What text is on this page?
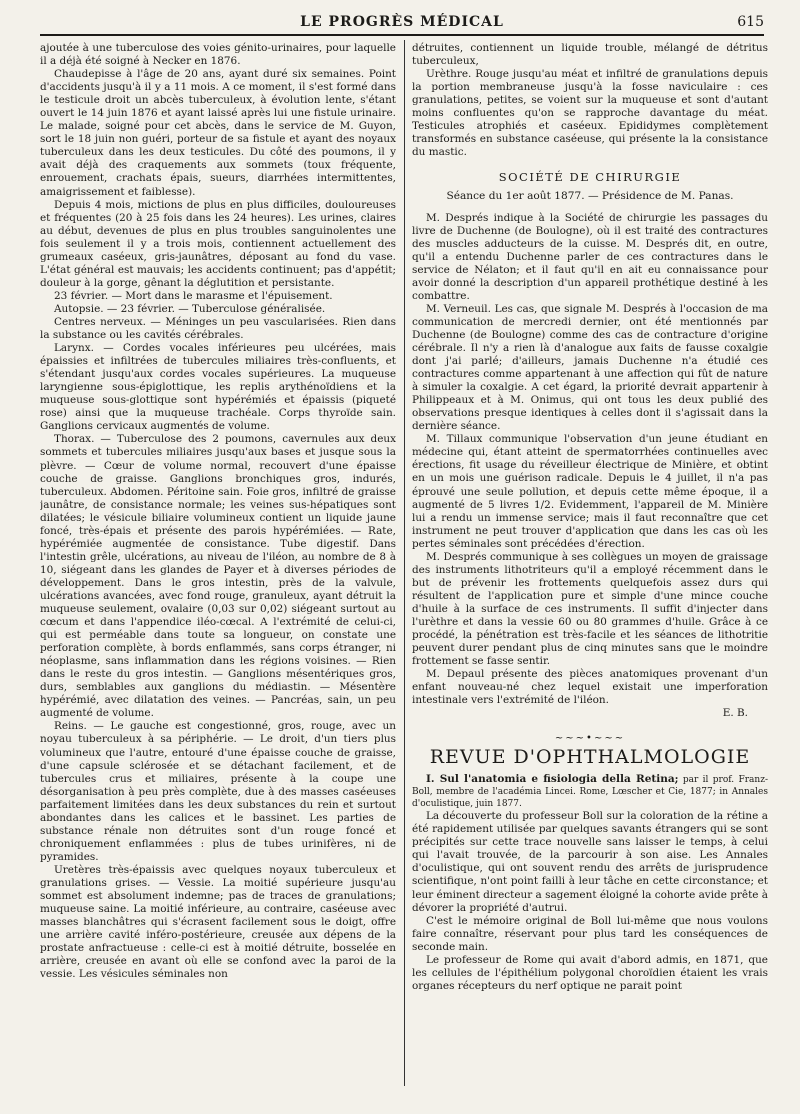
LE PROGRÈS MÉDICAL	615

ajoutée à une tuberculose des voies génito-urinaires, pour laquelle il a déjà été soigné à Necker en 1876.

Chaudepisse à l'âge de 20 ans, ayant duré six semaines. Point d'accidents jusqu'à il y a 11 mois. A ce moment, il s'est formé dans le testicule droit un abcès tuberculeux, à évolution lente, s'étant ouvert le 14 juin 1876 et ayant laissé après lui une fistule urinaire. Le malade, soigné pour cet abcès, dans le service de M. Guyon, sort le 18 juin non guéri, porteur de sa fistule et ayant des noyaux tuberculeux dans les deux testicules. Du côté des poumons, il y avait déjà des craquements aux sommets (toux fréquente, enrouement, crachats épais, sueurs, diarrhées intermittentes, amaigrissement et faiblesse).

Depuis 4 mois, mictions de plus en plus difficiles, douloureuses et fréquentes (20 à 25 fois dans les 24 heures). Les urines, claires au début, devenues de plus en plus troubles sanguinolentes une fois seulement il y a trois mois, contiennent actuellement des grumeaux caséeux, gris-jaunâtres, déposant au fond du vase. L'état général est mauvais; les accidents continuent; pas d'appétit; douleur à la gorge, gênant la déglutition et persistante.

23 février. — Mort dans le marasme et l'épuisement.

Autopsie. — 23 février. — Tuberculose généralisée.

Centres nerveux. — Méninges un peu vascularisées. Rien dans la substance ou les cavités cérébrales.

Larynx. — Cordes vocales inférieures peu ulcérées, mais épaissies et infiltrées de tubercules miliaires très-confluents, et s'étendant jusqu'aux cordes vocales supérieures. La muqueuse laryngienne sous-épiglottique, les replis arythénoïdiens et la muqueuse sous-glottique sont hypérémiés et épaissis (piqueté rose) ainsi que la muqueuse trachéale. Corps thyroïde sain. Ganglions cervicaux augmentés de volume.

Thorax. — Tuberculose des 2 poumons, cavernules aux deux sommets et tubercules miliaires jusqu'aux bases et jusque sous la plèvre. — Cœur de volume normal, recouvert d'une épaisse couche de graisse. Ganglions bronchiques gros, indurés, tuberculeux. Abdomen. Péritoine sain. Foie gros, infiltré de graisse jaunâtre, de consistance normale; les veines sus-hépatiques sont dilatées; le vésicule biliaire volumineux contient un liquide jaune foncé, très-épais et présente des parois hypérémiées. — Rate, hypérémiée augmentée de consistance. Tube digestif. Dans l'intestin grêle, ulcérations, au niveau de l'iléon, au nombre de 8 à 10, siégeant dans les glandes de Payer et à diverses périodes de développement. Dans le gros intestin, près de la valvule, ulcérations avancées, avec fond rouge, granuleux, ayant détruit la muqueuse seulement, ovalaire (0,03 sur 0,02) siégeant surtout au cœcum et dans l'appendice iléo-cœcal. A l'extrémité de celui-ci, qui est perméable dans toute sa longueur, on constate une perforation complète, à bords enflammés, sans corps étranger, ni néoplasme, sans inflammation dans les régions voisines. — Rien dans le reste du gros intestin. — Ganglions mésentériques gros, durs, semblables aux ganglions du médiastin. — Mésentère hypérémié, avec dilatation des veines. — Pancréas, sain, un peu augmenté de volume.

Reins. — Le gauche est congestionné, gros, rouge, avec un noyau tuberculeux à sa périphérie. — Le droit, d'un tiers plus volumineux que l'autre, entouré d'une épaisse couche de graisse, d'une capsule sclérosée et se détachant facilement, et de tubercules crus et miliaires, présente à la coupe une désorganisation à peu près complète, due à des masses caséeuses parfaitement limitées dans les deux substances du rein et surtout abondantes dans les calices et le bassinet. Les parties de substance rénale non détruites sont d'un rouge foncé et chroniquement enflammées : plus de tubes urinifères, ni de pyramides.

Uretères très-épaissis avec quelques noyaux tuberculeux et granulations grises. — Vessie. La moitié supérieure jusqu'au sommet est absolument indemne; pas de traces de granulations; muqueuse saine. La moitié inférieure, au contraire, caséeuse avec masses blanchâtres qui s'écrasent facilement sous le doigt, offre une arrière cavité inféro-postérieure, creusée aux dépens de la prostate anfractueuse : celle-ci est à moitié détruite, bosselée en arrière, creusée en avant où elle se confond avec la paroi de la vessie. Les vésicules séminales non

détruites, contiennent un liquide trouble, mélangé de détritus tuberculeux,

Urèthre. Rouge jusqu'au méat et infiltré de granulations depuis la portion membraneuse jusqu'à la fosse naviculaire : ces granulations, petites, se voient sur la muqueuse et sont d'autant moins confluentes qu'on se rapproche davantage du méat. Testicules atrophiés et caséeux. Epididymes complètement transformés en substance caséeuse, qui présente la la consistance du mastic.

SOCIÉTÉ DE CHIRURGIE
Séance du 1er août 1877. — Présidence de M. Panas.

M. Després indique à la Société de chirurgie les passages du livre de Duchenne (de Boulogne), où il est traité des contractures des muscles adducteurs de la cuisse. M. Després dit, en outre, qu'il a entendu Duchenne parler de ces contractures dans le service de Nélaton; et il faut qu'il en ait eu connaissance pour avoir donné la description d'un appareil prothétique destiné à les combattre.

M. Verneuil. Les cas, que signale M. Després à l'occasion de ma communication de mercredi dernier, ont été mentionnés par Duchenne (de Boulogne) comme des cas de contracture d'origine cérébrale. Il n'y a rien là d'analogue aux faits de fausse coxalgie dont j'ai parlé; d'ailleurs, jamais Duchenne n'a étudié ces contractures comme appartenant à une affection qui fût de nature à simuler la coxalgie. A cet égard, la priorité devrait appartenir à Philippeaux et à M. Onimus, qui ont tous les deux publié des observations presque identiques à celles dont il s'agissait dans la dernière séance.

M. Tillaux communique l'observation d'un jeune étudiant en médecine qui, étant atteint de spermatorrhées continuelles avec érections, fit usage du réveilleur électrique de Minière, et obtint en un mois une guérison radicale. Depuis le 4 juillet, il n'a pas éprouvé une seule pollution, et depuis cette même époque, il a augmenté de 5 livres 1/2. Evidemment, l'appareil de M. Minière lui a rendu un immense service; mais il faut reconnaître que cet instrument ne peut trouver d'application que dans les cas où les pertes séminales sont précédées d'érection.

M. Després communique à ses collègues un moyen de graissage des instruments lithotriteurs qu'il a employé récemment dans le but de prévenir les frottements quelquefois assez durs qui résultent de l'application pure et simple d'une mince couche d'huile à la surface de ces instruments. Il suffit d'injecter dans l'urèthre et dans la vessie 60 ou 80 grammes d'huile. Grâce à ce procédé, la pénétration est très-facile et les séances de lithotritie peuvent durer pendant plus de cinq minutes sans que le moindre frottement se fasse sentir.

M. Depaul présente des pièces anatomiques provenant d'un enfant nouveau-né chez lequel existait une imperforation intestinale vers l'extrémité de l'iléon.

E. B.
~~~•~~~
REVUE D'OPHTHALMOLOGIE

I. Sul l'anatomia e fisiologia della Retina; par il prof. Franz-Boll, membre de l'académia Lincei. Rome, Lœscher et Cie, 1877; in Annales d'oculistique, juin 1877.

La découverte du professeur Boll sur la coloration de la rétine a été rapidement utilisée par quelques savants étrangers qui se sont précipités sur cette trace nouvelle sans laisser le temps, à celui qui l'avait trouvée, de la parcourir à son aise. Les Annales d'oculistique, qui ont souvent rendu des arrêts de jurisprudence scientifique, n'ont point failli à leur tâche en cette circonstance; et leur éminent directeur a sagement éloigné la cohorte avide prête à dévorer la propriété d'autrui.

C'est le mémoire original de Boll lui-même que nous voulons faire connaître, réservant pour plus tard les conséquences de seconde main.

Le professeur de Rome qui avait d'abord admis, en 1871, que les cellules de l'épithélium polygonal choroïdien étaient les vrais organes récepteurs du nerf optique ne parait point
